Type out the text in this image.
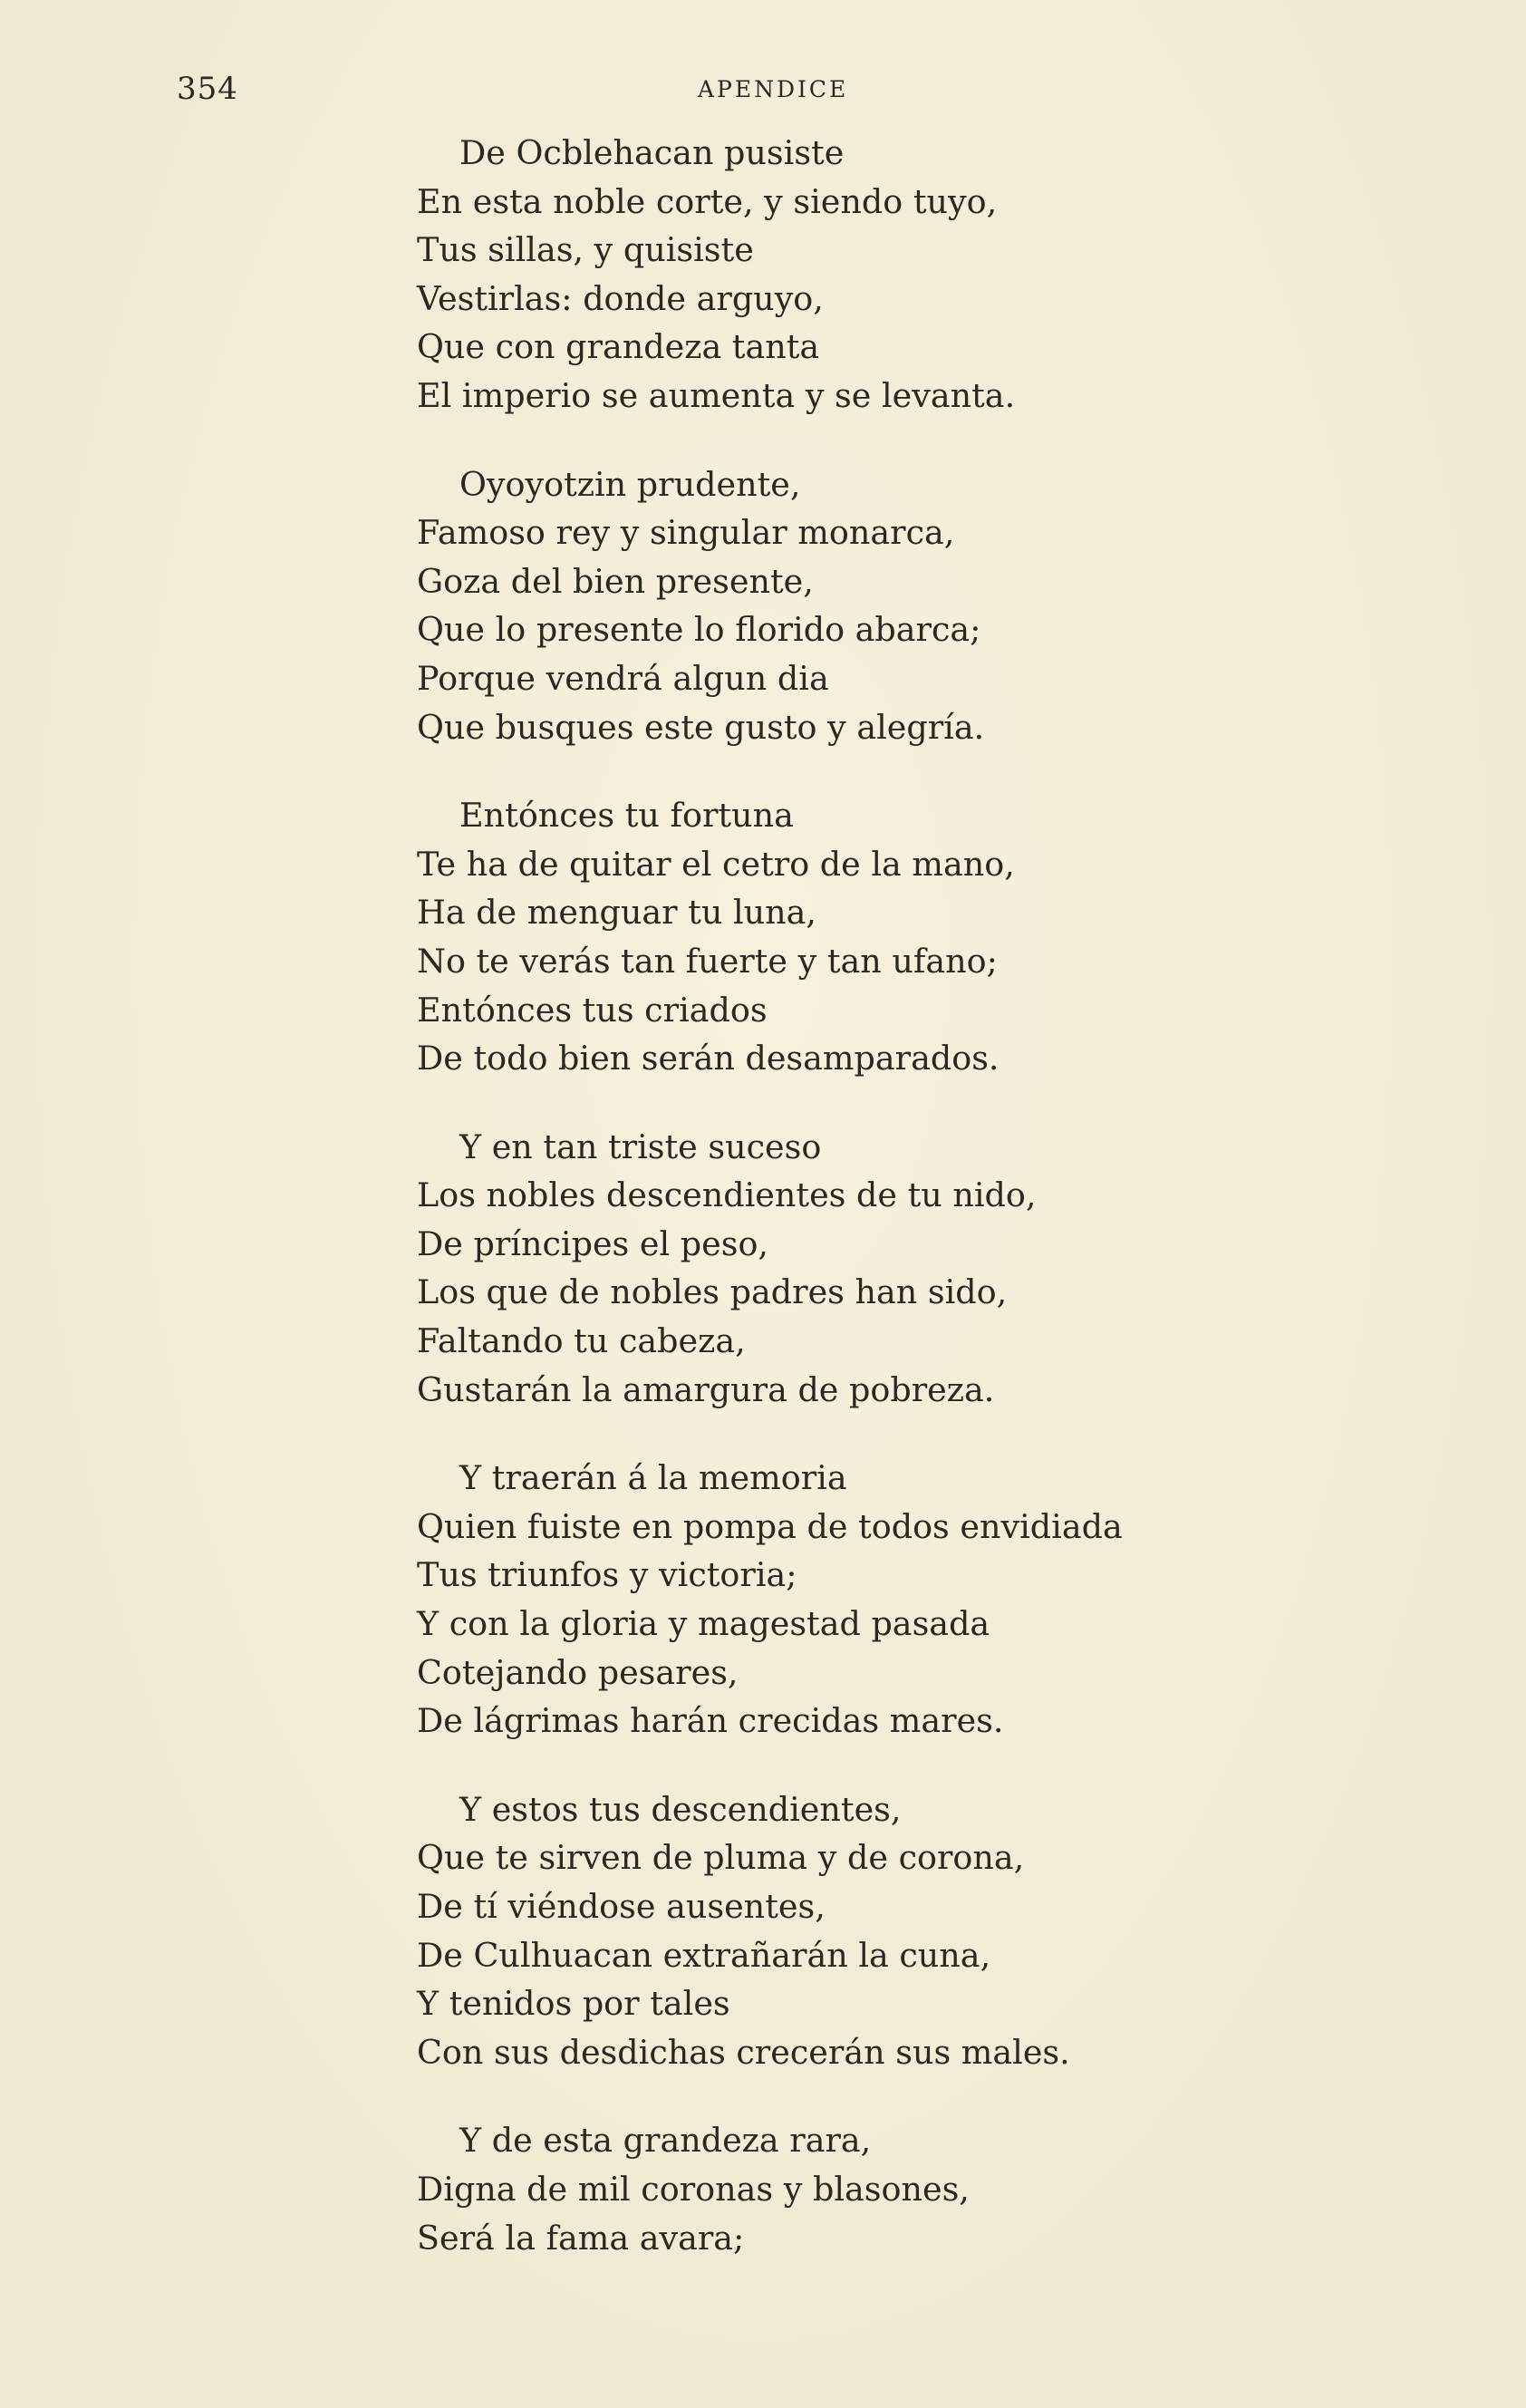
354	APENDICE
De Ocblehacan pusiste
En esta noble corte, y siendo tuyo,
Tus sillas, y quisiste
Vestirlas: donde arguyo,
Que con grandeza tanta
El imperio se aumenta y se levanta.
Oyoyotzin prudente,
Famoso rey y singular monarca,
Goza del bien presente,
Que lo presente lo florido abarca;
Porque vendrá algun dia
Que busques este gusto y alegría.
Entónces tu fortuna
Te ha de quitar el cetro de la mano,
Ha de menguar tu luna,
No te verás tan fuerte y tan ufano;
Entónces tus criados
De todo bien serán desamparados.
Y en tan triste suceso
Los nobles descendientes de tu nido,
De príncipes el peso,
Los que de nobles padres han sido,
Faltando tu cabeza,
Gustarán la amargura de pobreza.
Y traerán á la memoria
Quien fuiste en pompa de todos envidiada
Tus triunfos y victoria;
Y con la gloria y magestad pasada
Cotejando pesares,
De lágrimas harán crecidas mares.
Y estos tus descendientes,
Que te sirven de pluma y de corona,
De tí viéndose ausentes,
De Culhuacan extrañarán la cuna,
Y tenidos por tales
Con sus desdichas crecerán sus males.
Y de esta grandeza rara,
Digna de mil coronas y blasones,
Será la fama avara;
